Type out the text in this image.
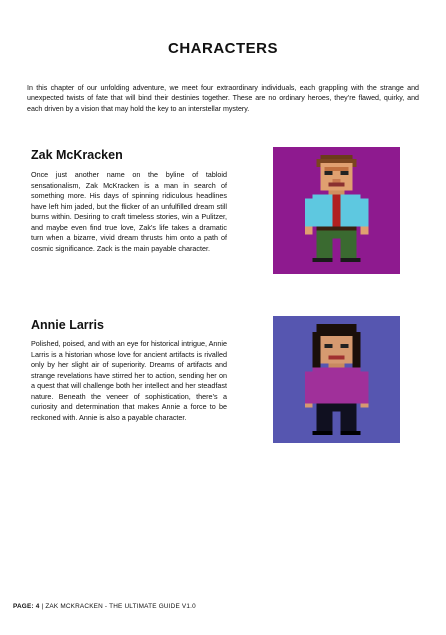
CHARACTERS
In this chapter of our unfolding adventure, we meet four extraordinary individuals, each grappling with the strange and unexpected twists of fate that will bind their destinies together. These are no ordinary heroes, they’re flawed, quirky, and each driven by a vision that may hold the key to an interstellar mystery.
Zak McKracken
Once just another name on the byline of tabloid sensationalism, Zak McKracken is a man in search of something more. His days of spinning ridiculous headlines have left him jaded, but the flicker of an unfulfilled dream still burns within. Desiring to craft timeless stories, win a Pulitzer, and maybe even find true love, Zak’s life takes a dramatic turn when a bizarre, vivid dream thrusts him onto a path of cosmic significance. Zack is the main payable character.
Annie Larris
Polished, poised, and with an eye for historical intrigue, Annie Larris is a historian whose love for ancient artifacts is rivalled only by her slight air of superiority. Dreams of artifacts and strange revelations have stirred her to action, sending her on a quest that will challenge both her intellect and her steadfast nature. Beneath the veneer of sophistication, there’s a curiosity and determination that makes Annie a force to be reckoned with. Annie is also a payable character.
PAGE: 4 | ZAK MCKRACKEN - THE ULTIMATE GUIDE V1.0
